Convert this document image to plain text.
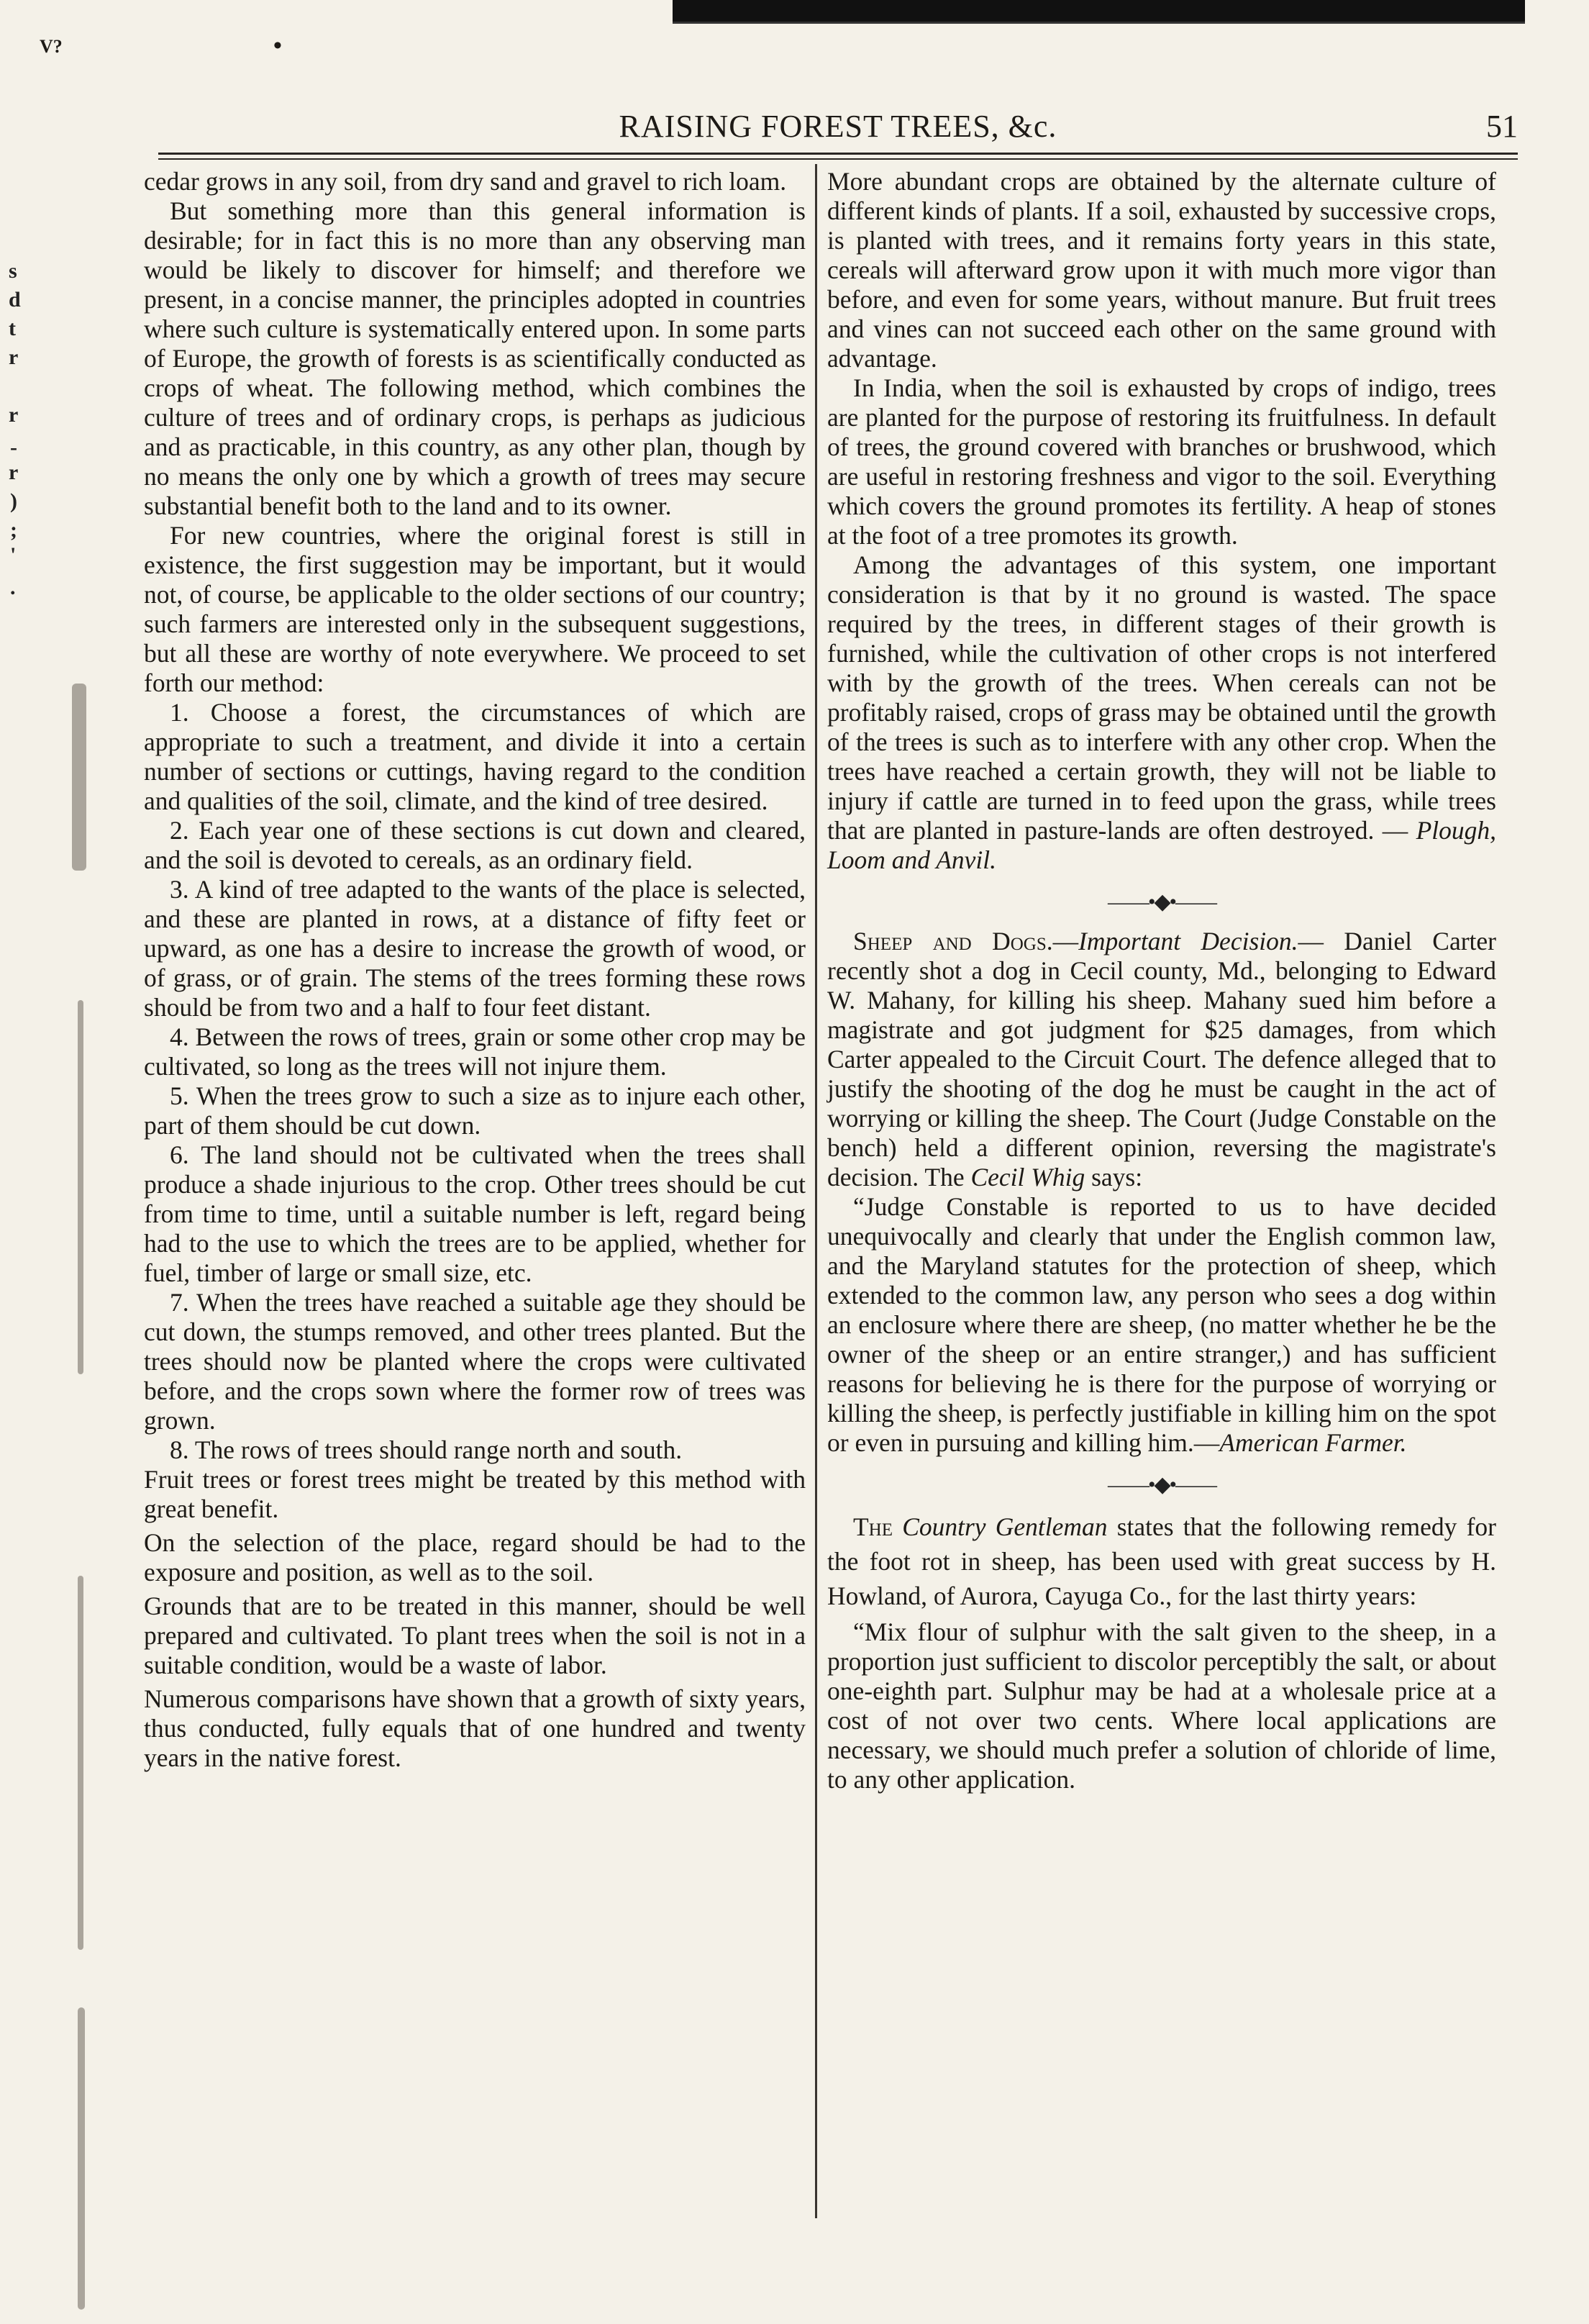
V?	•
RAISING FOREST TREES, &c.	51
s
d
t
r
r
-
r
)
;
'
.

cedar grows in any soil, from dry sand and gravel to rich loam.

But something more than this general information is desirable; for in fact this is no more than any observing man would be likely to discover for himself; and therefore we present, in a concise manner, the principles adopted in countries where such culture is systematically entered upon. In some parts of Europe, the growth of forests is as scientifically conducted as crops of wheat. The following method, which combines the culture of trees and of ordinary crops, is perhaps as judicious and as practicable, in this country, as any other plan, though by no means the only one by which a growth of trees may secure substantial benefit both to the land and to its owner.

For new countries, where the original forest is still in existence, the first suggestion may be important, but it would not, of course, be applicable to the older sections of our country; such farmers are interested only in the subsequent suggestions, but all these are worthy of note everywhere. We proceed to set forth our method:

1. Choose a forest, the circumstances of which are appropriate to such a treatment, and divide it into a certain number of sections or cuttings, having regard to the condition and qualities of the soil, climate, and the kind of tree desired.

2. Each year one of these sections is cut down and cleared, and the soil is devoted to cereals, as an ordinary field.

3. A kind of tree adapted to the wants of the place is selected, and these are planted in rows, at a distance of fifty feet or upward, as one has a desire to increase the growth of wood, or of grass, or of grain. The stems of the trees forming these rows should be from two and a half to four feet distant.

4. Between the rows of trees, grain or some other crop may be cultivated, so long as the trees will not injure them.

5. When the trees grow to such a size as to injure each other, part of them should be cut down.

6. The land should not be cultivated when the trees shall produce a shade injurious to the crop. Other trees should be cut from time to time, until a suitable number is left, regard being had to the use to which the trees are to be applied, whether for fuel, timber of large or small size, etc.

7. When the trees have reached a suitable age they should be cut down, the stumps removed, and other trees planted. But the trees should now be planted where the crops were cultivated before, and the crops sown where the former row of trees was grown.

8. The rows of trees should range north and south.

Fruit trees or forest trees might be treated by this method with great benefit.

On the selection of the place, regard should be had to the exposure and position, as well as to the soil.

Grounds that are to be treated in this manner, should be well prepared and cultivated. To plant trees when the soil is not in a suitable condition, would be a waste of labor.

Numerous comparisons have shown that a growth of sixty years, thus conducted, fully equals that of one hundred and twenty years in the native forest.

More abundant crops are obtained by the alternate culture of different kinds of plants. If a soil, exhausted by successive crops, is planted with trees, and it remains forty years in this state, cereals will afterward grow upon it with much more vigor than before, and even for some years, without manure. But fruit trees and vines can not succeed each other on the same ground with advantage.

In India, when the soil is exhausted by crops of indigo, trees are planted for the purpose of restoring its fruitfulness. In default of trees, the ground covered with branches or brushwood, which are useful in restoring freshness and vigor to the soil. Everything which covers the ground promotes its fertility. A heap of stones at the foot of a tree promotes its growth.

Among the advantages of this system, one important consideration is that by it no ground is wasted. The space required by the trees, in different stages of their growth is furnished, while the cultivation of other crops is not interfered with by the growth of the trees. When cereals can not be profitably raised, crops of grass may be obtained until the growth of the trees is such as to interfere with any other crop. When the trees have reached a certain growth, they will not be liable to injury if cattle are turned in to feed upon the grass, while trees that are planted in pasture-lands are often destroyed. — Plough, Loom and Anvil.

——•◆•——

Sheep and Dogs.—Important Decision.— Daniel Carter recently shot a dog in Cecil county, Md., belonging to Edward W. Mahany, for killing his sheep. Mahany sued him before a magistrate and got judgment for $25 damages, from which Carter appealed to the Circuit Court. The defence alleged that to justify the shooting of the dog he must be caught in the act of worrying or killing the sheep. The Court (Judge Constable on the bench) held a different opinion, reversing the magistrate's decision. The Cecil Whig says:

“Judge Constable is reported to us to have decided unequivocally and clearly that under the English common law, and the Maryland statutes for the protection of sheep, which extended to the common law, any person who sees a dog within an enclosure where there are sheep, (no matter whether he be the owner of the sheep or an entire stranger,) and has sufficient reasons for believing he is there for the purpose of worrying or killing the sheep, is perfectly justifiable in killing him on the spot or even in pursuing and killing him.—American Farmer.

——•◆•——

The Country Gentleman states that the following remedy for the foot rot in sheep, has been used with great success by H. Howland, of Aurora, Cayuga Co., for the last thirty years:

“Mix flour of sulphur with the salt given to the sheep, in a proportion just sufficient to discolor perceptibly the salt, or about one-eighth part. Sulphur may be had at a wholesale price at a cost of not over two cents. Where local applications are necessary, we should much prefer a solution of chloride of lime, to any other application.
